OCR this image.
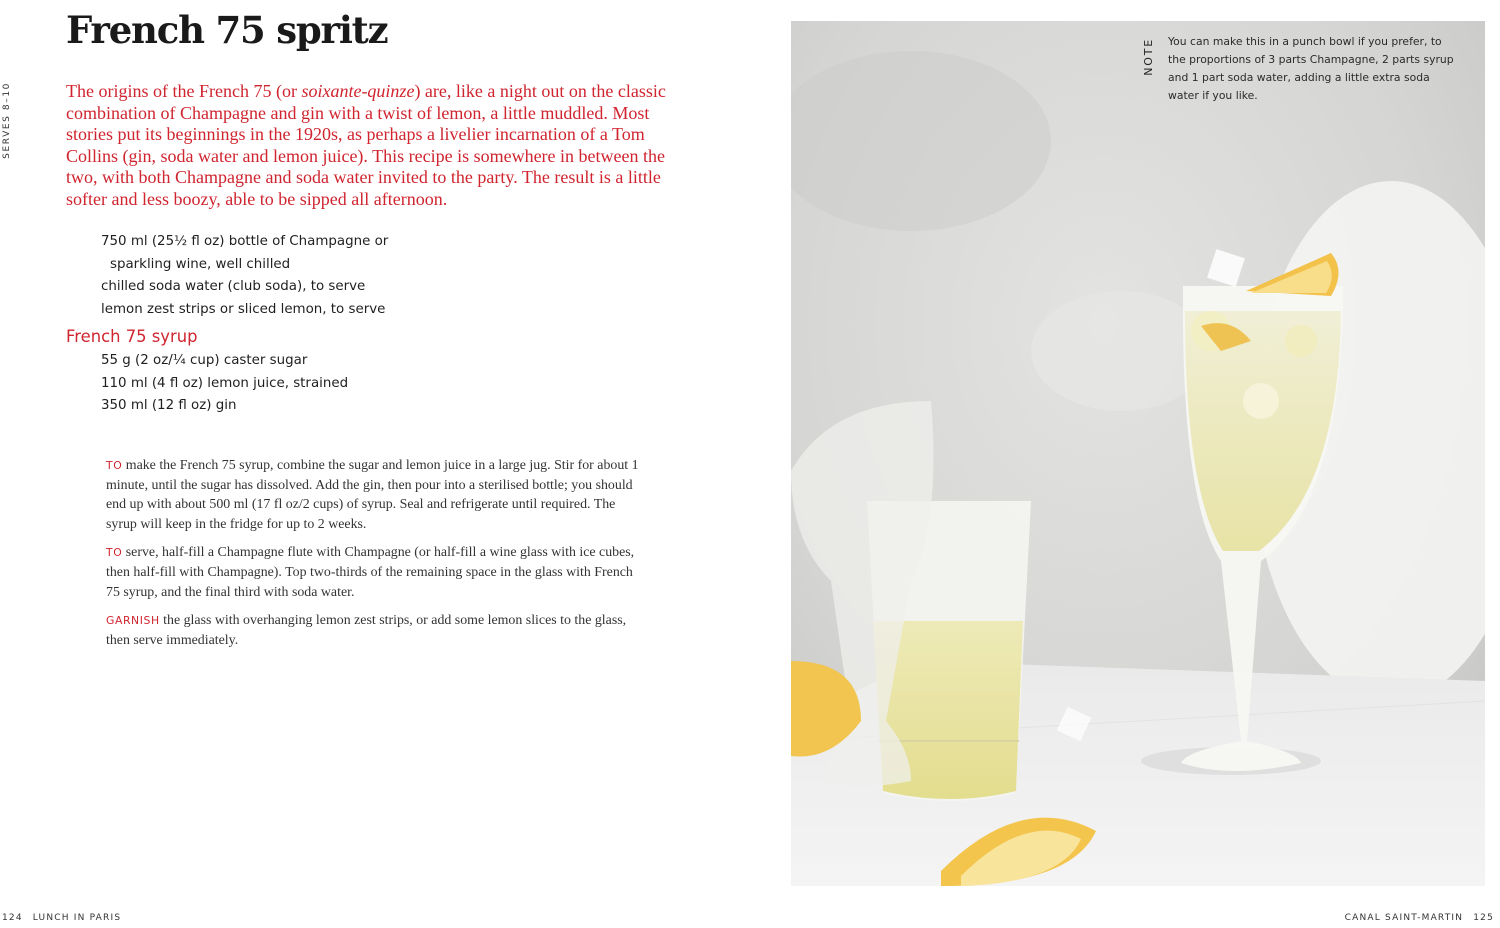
SERVES 8–10
French 75 spritz

The origins of the French 75 (or soixante-quinze) are, like a night out on the classic combination of Champagne and gin with a twist of lemon, a little muddled. Most stories put its beginnings in the 1920s, as perhaps a livelier incarnation of a Tom Collins (gin, soda water and lemon juice). This recipe is somewhere in between the two, with both Champagne and soda water invited to the party. The result is a little softer and less boozy, able to be sipped all afternoon.

750 ml (25½ fl oz) bottle of Champagne or
sparkling wine, well chilled
chilled soda water (club soda), to serve
lemon zest strips or sliced lemon, to serve
French 75 syrup
55 g (2 oz/¼ cup) caster sugar
110 ml (4 fl oz) lemon juice, strained
350 ml (12 fl oz) gin

TO make the French 75 syrup, combine the sugar and lemon juice in a large jug. Stir for about 1 minute, until the sugar has dissolved. Add the gin, then pour into a sterilised bottle; you should end up with about 500 ml (17 fl oz/2 cups) of syrup. Seal and refrigerate until required. The syrup will keep in the fridge for up to 2 weeks.

TO serve, half-fill a Champagne flute with Champagne (or half-fill a wine glass with ice cubes, then half-fill with Champagne). Top two-thirds of the remaining space in the glass with French 75 syrup, and the final third with soda water.

GARNISH the glass with overhanging lemon zest strips, or add some lemon slices to the glass, then serve immediately.

124 LUNCH IN PARIS	CANAL SAINT-MARTIN 125
NOTE You can make this in a punch bowl if you prefer, to the proportions of 3 parts Champagne, 2 parts syrup and 1 part soda water, adding a little extra soda water if you like.
